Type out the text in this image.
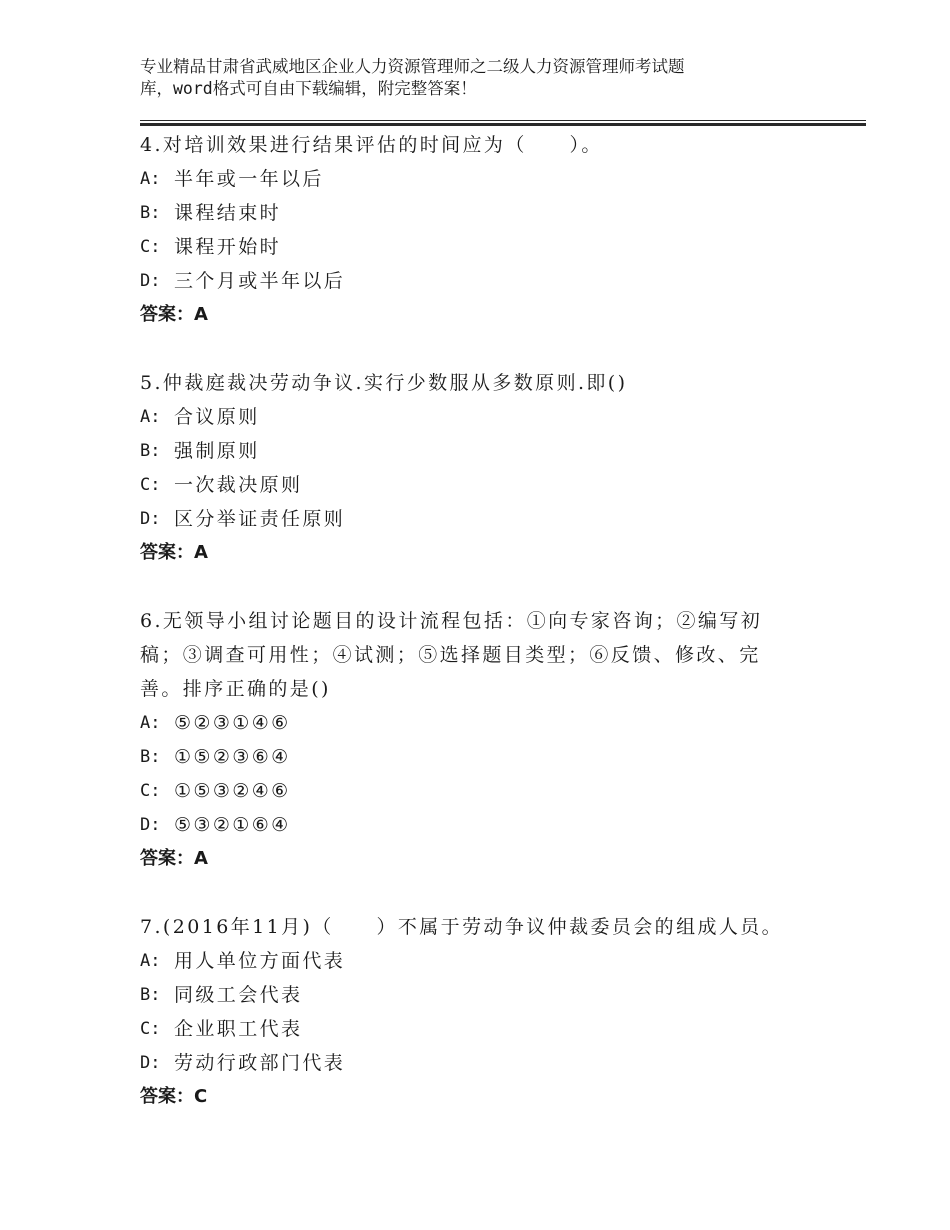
专业精品甘肃省武威地区企业人力资源管理师之二级人力资源管理师考试题
库，word格式可自由下载编辑，附完整答案！

4.对培训效果进行结果评估的时间应为（　　）。

A: 半年或一年以后
B: 课程结束时
C: 课程开始时
D: 三个月或半年以后

答案：A

5.仲裁庭裁决劳动争议.实行少数服从多数原则.即()

A: 合议原则
B: 强制原则
C: 一次裁决原则
D: 区分举证责任原则

答案：A

6.无领导小组讨论题目的设计流程包括：①向专家咨询；②编写初

稿；③调查可用性；④试测；⑤选择题目类型；⑥反馈、修改、完

善。排序正确的是()

A: ⑤②③①④⑥
B: ①⑤②③⑥④
C: ①⑤③②④⑥
D: ⑤③②①⑥④

答案：A

7.(2016年11月)（　　）不属于劳动争议仲裁委员会的组成人员。

A: 用人单位方面代表
B: 同级工会代表
C: 企业职工代表
D: 劳动行政部门代表

答案：C
